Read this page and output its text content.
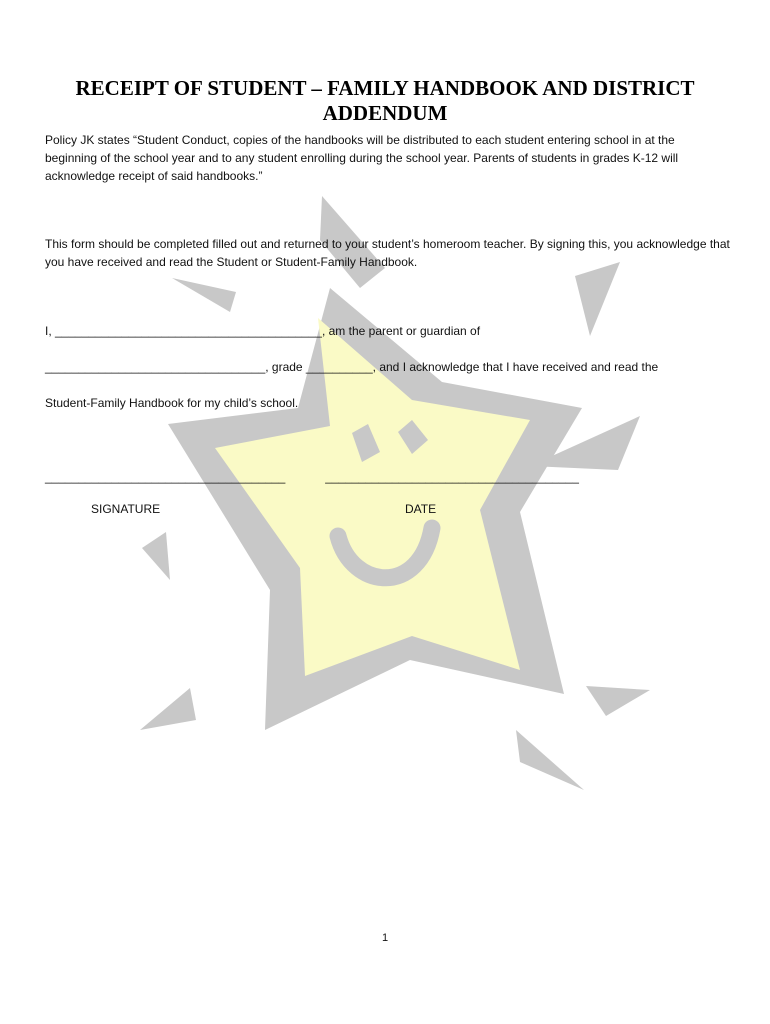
RECEIPT OF STUDENT – FAMILY HANDBOOK AND DISTRICT
ADDENDUM

Policy JK states “Student Conduct, copies of the handbooks will be distributed to each student entering school in at the beginning of the school year and to any student enrolling during the school year. Parents of students in grades K-12 will acknowledge receipt of said handbooks.”

This form should be completed filled out and returned to your student’s homeroom teacher. By signing this, you acknowledge that you have received and read the Student or Student-Family Handbook.

I, ________________________________________, am the parent or guardian of

_________________________________, grade __________, and I acknowledge that I have received and read the

Student-Family Handbook for my child’s school.

____________________________________            ______________________________________

SIGNATURE	DATE

1
